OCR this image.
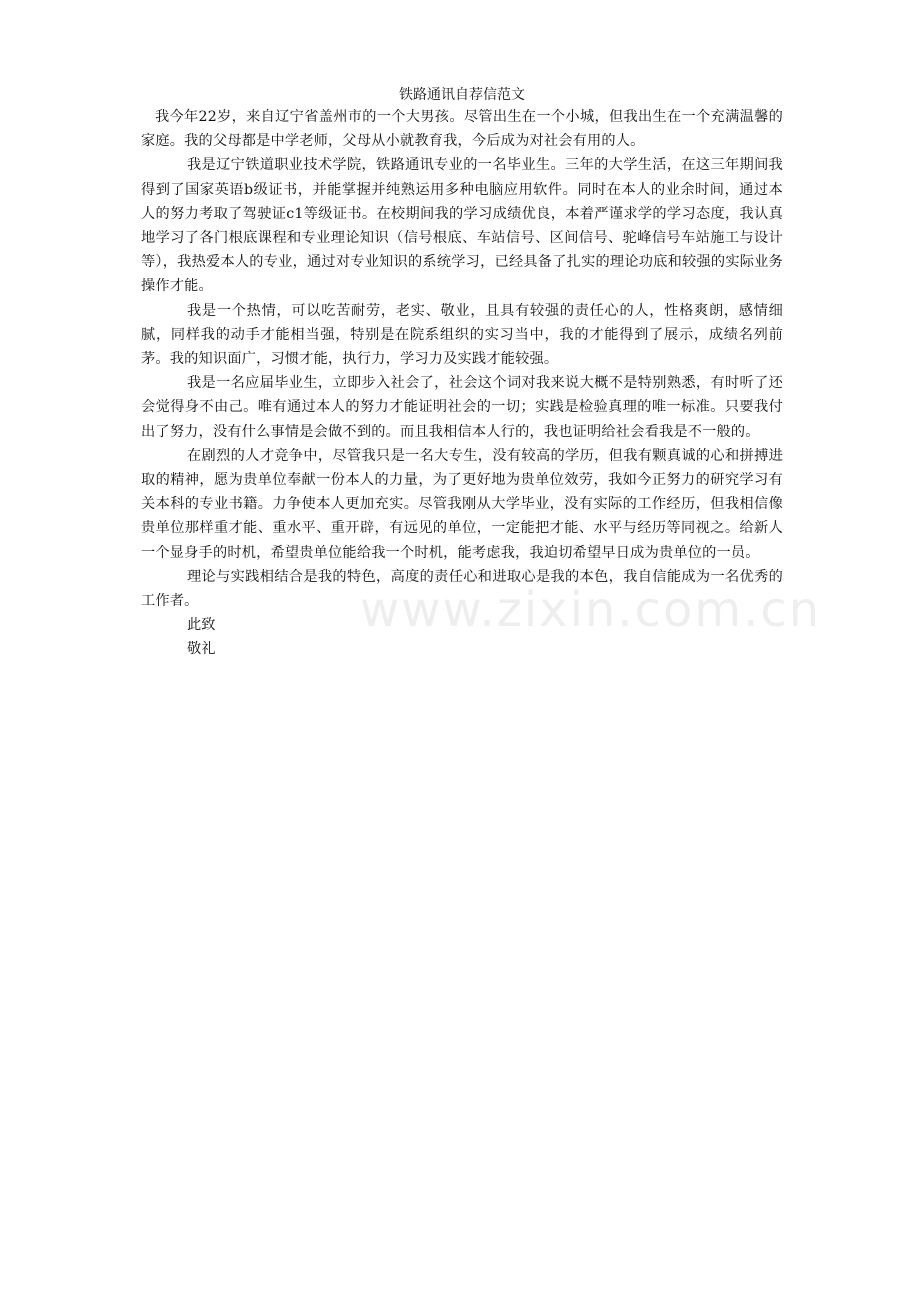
www.zixin.com.cn
铁路通讯自荐信范文

我今年22岁，来自辽宁省盖州市的一个大男孩。尽管出生在一个小城，但我出生在一个充满温馨的家庭。我的父母都是中学老师，父母从小就教育我，今后成为对社会有用的人。

我是辽宁铁道职业技术学院，铁路通讯专业的一名毕业生。三年的大学生活，在这三年期间我得到了国家英语b级证书，并能掌握并纯熟运用多种电脑应用软件。同时在本人的业余时间，通过本人的努力考取了驾驶证c1等级证书。在校期间我的学习成绩优良，本着严谨求学的学习态度，我认真地学习了各门根底课程和专业理论知识（信号根底、车站信号、区间信号、驼峰信号车站施工与设计等），我热爱本人的专业，通过对专业知识的系统学习，已经具备了扎实的理论功底和较强的实际业务操作才能。

我是一个热情，可以吃苦耐劳，老实、敬业，且具有较强的责任心的人，性格爽朗，感情细腻，同样我的动手才能相当强，特别是在院系组织的实习当中，我的才能得到了展示，成绩名列前茅。我的知识面广，习惯才能，执行力，学习力及实践才能较强。

我是一名应届毕业生，立即步入社会了，社会这个词对我来说大概不是特别熟悉，有时听了还会觉得身不由己。唯有通过本人的努力才能证明社会的一切；实践是检验真理的唯一标准。只要我付出了努力，没有什么事情是会做不到的。而且我相信本人行的，我也证明给社会看我是不一般的。

在剧烈的人才竞争中，尽管我只是一名大专生，没有较高的学历，但我有颗真诚的心和拼搏进取的精神，愿为贵单位奉献一份本人的力量，为了更好地为贵单位效劳，我如今正努力的研究学习有关本科的专业书籍。力争使本人更加充实。尽管我刚从大学毕业，没有实际的工作经历，但我相信像贵单位那样重才能、重水平、重开辟，有远见的单位，一定能把才能、水平与经历等同视之。给新人一个显身手的时机，希望贵单位能给我一个时机，能考虑我，我迫切希望早日成为贵单位的一员。

理论与实践相结合是我的特色，高度的责任心和进取心是我的本色，我自信能成为一名优秀的工作者。

此致

敬礼
